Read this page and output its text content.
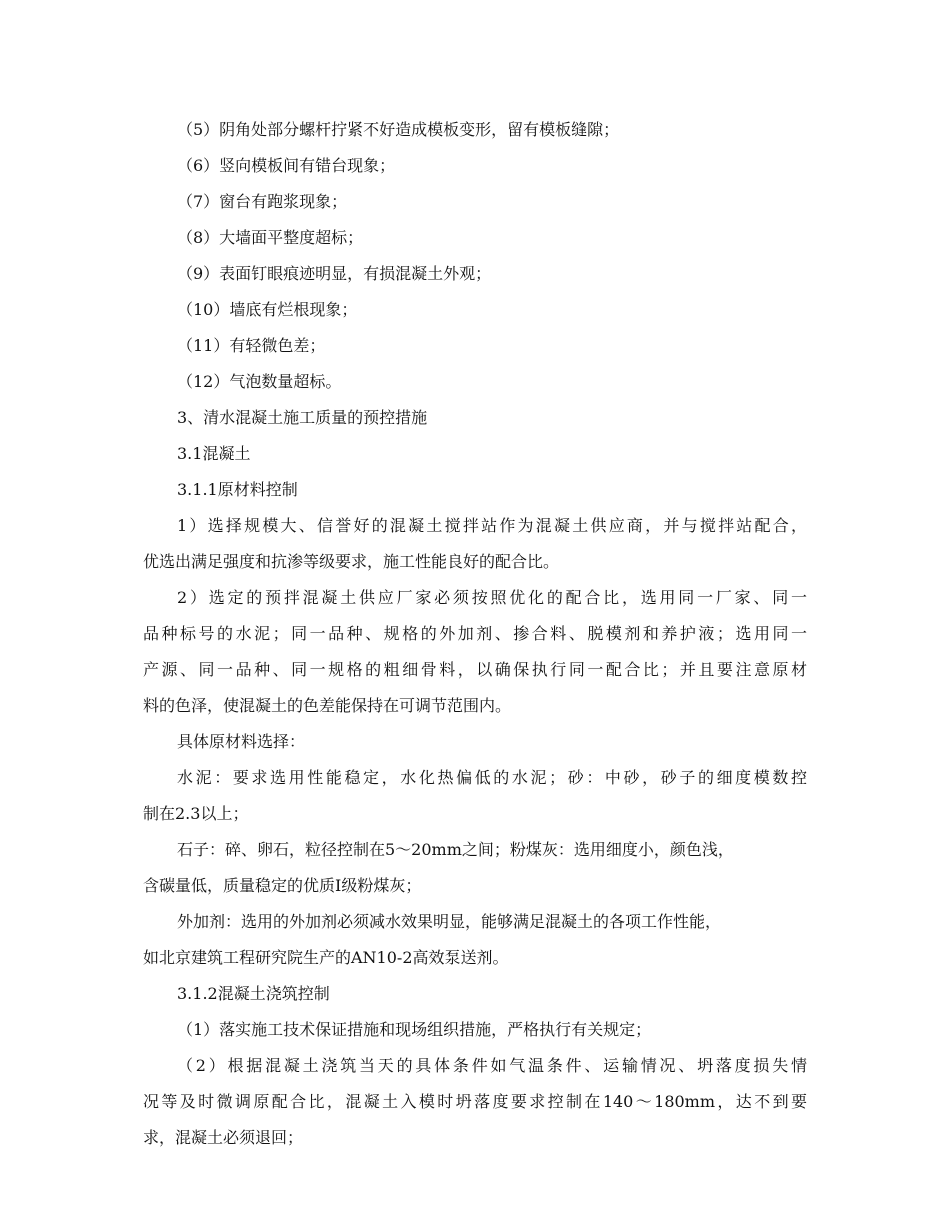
（5）阴角处部分螺杆拧紧不好造成模板变形，留有模板缝隙；
（6）竖向模板间有错台现象；
（7）窗台有跑浆现象；
（8）大墙面平整度超标；
（9）表面钉眼痕迹明显，有损混凝土外观；
（10）墙底有烂根现象；
（11）有轻微色差；
（12）气泡数量超标。
3、清水混凝土施工质量的预控措施
3.1混凝土
3.1.1原材料控制
1）选择规模大、信誉好的混凝土搅拌站作为混凝土供应商，并与搅拌站配合，
优选出满足强度和抗渗等级要求，施工性能良好的配合比。
2）选定的预拌混凝土供应厂家必须按照优化的配合比，选用同一厂家、同一
品种标号的水泥；同一品种、规格的外加剂、掺合料、脱模剂和养护液；选用同一
产源、同一品种、同一规格的粗细骨料，以确保执行同一配合比；并且要注意原材
料的色泽，使混凝土的色差能保持在可调节范围内。
具体原材料选择：
水泥：要求选用性能稳定，水化热偏低的水泥；砂：中砂，砂子的细度模数控
制在2.3以上；
石子：碎、卵石，粒径控制在5～20mm之间；粉煤灰：选用细度小，颜色浅，
含碳量低，质量稳定的优质Ⅰ级粉煤灰；
外加剂：选用的外加剂必须减水效果明显，能够满足混凝土的各项工作性能，
如北京建筑工程研究院生产的AN10-2高效泵送剂。
3.1.2混凝土浇筑控制
（1）落实施工技术保证措施和现场组织措施，严格执行有关规定；
（2）根据混凝土浇筑当天的具体条件如气温条件、运输情况、坍落度损失情
况等及时微调原配合比，混凝土入模时坍落度要求控制在140～180mm，达不到要
求，混凝土必须退回；
